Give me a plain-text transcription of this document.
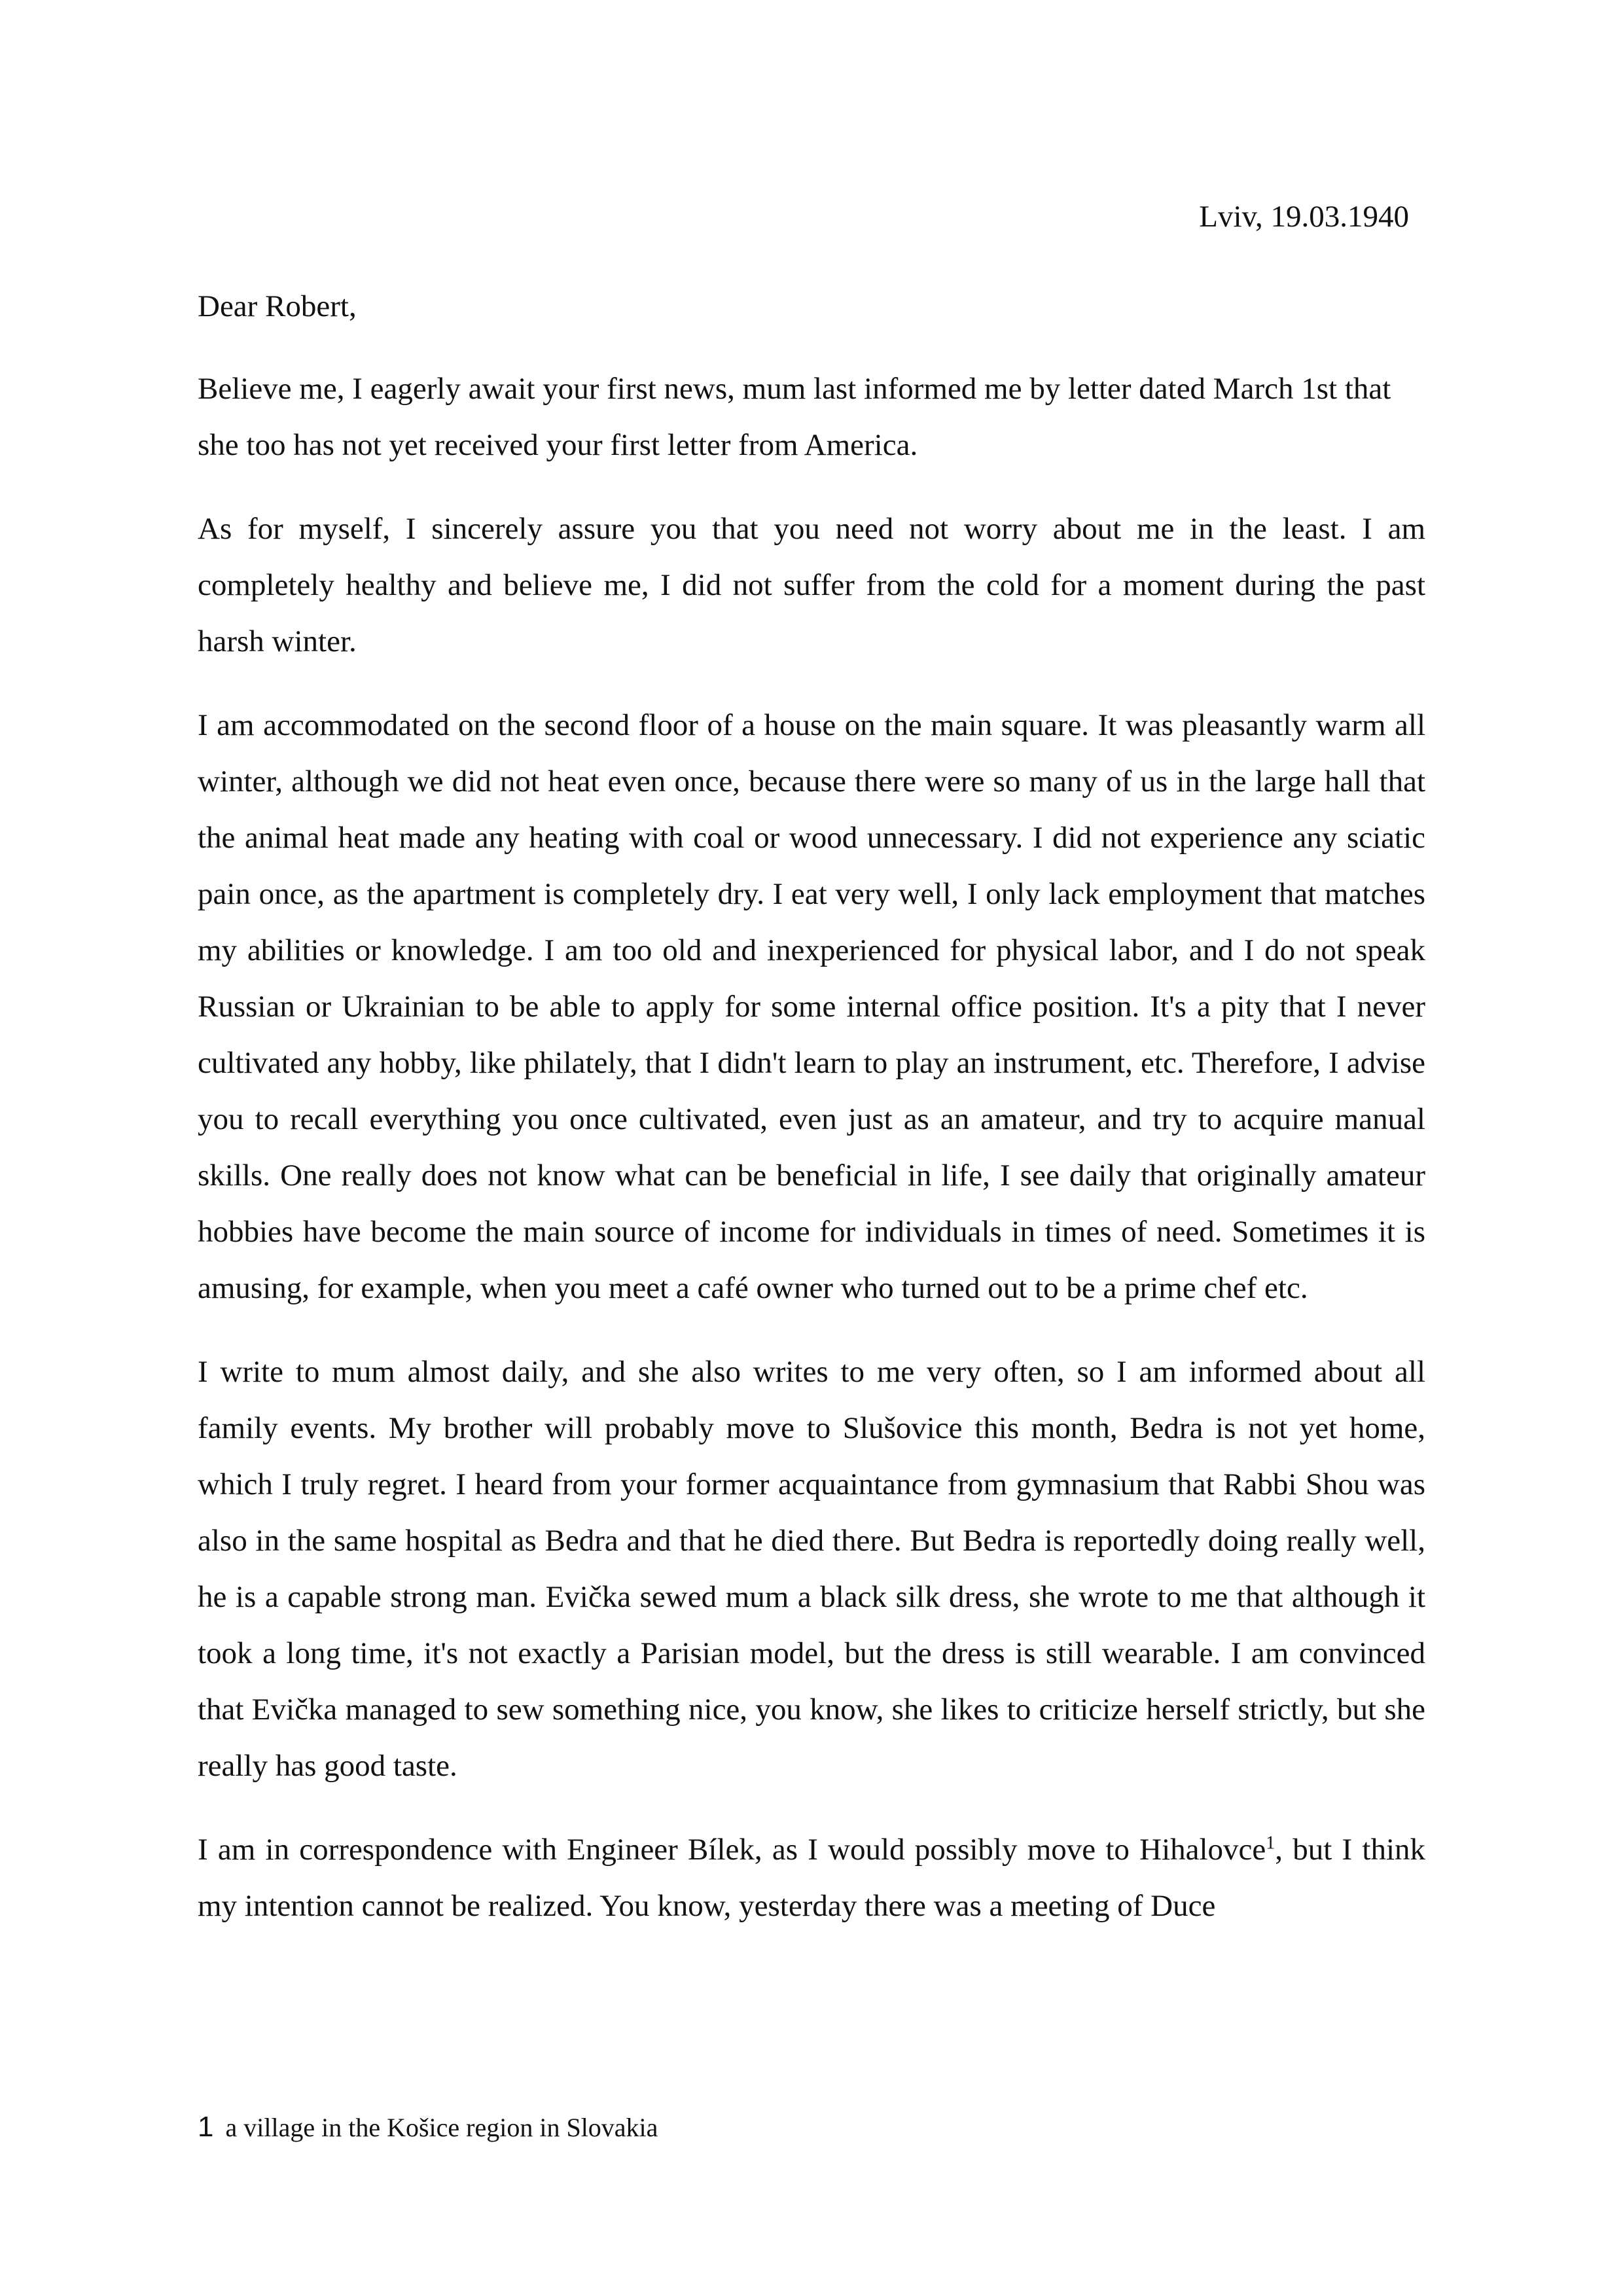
Lviv, 19.03.1940
Dear Robert,

Believe me, I eagerly await your first news, mum last informed me by letter dated March 1st that she too has not yet received your first letter from America.

As for myself, I sincerely assure you that you need not worry about me in the least. I am completely healthy and believe me, I did not suffer from the cold for a moment during the past harsh winter.

I am accommodated on the second floor of a house on the main square. It was pleasantly warm all winter, although we did not heat even once, because there were so many of us in the large hall that the animal heat made any heating with coal or wood unnecessary. I did not experience any sciatic pain once, as the apartment is completely dry. I eat very well, I only lack employment that matches my abilities or knowledge. I am too old and inexperienced for physical labor, and I do not speak Russian or Ukrainian to be able to apply for some internal office position. It's a pity that I never cultivated any hobby, like philately, that I didn't learn to play an instrument, etc. Therefore, I advise you to recall everything you once cultivated, even just as an amateur, and try to acquire manual skills. One really does not know what can be beneficial in life, I see daily that originally amateur hobbies have become the main source of income for individuals in times of need. Sometimes it is amusing, for example, when you meet a café owner who turned out to be a prime chef etc.

I write to mum almost daily, and she also writes to me very often, so I am informed about all family events. My brother will probably move to Slušovice this month, Bedra is not yet home, which I truly regret. I heard from your former acquaintance from gymnasium that Rabbi Shou was also in the same hospital as Bedra and that he died there. But Bedra is reportedly doing really well, he is a capable strong man. Evička sewed mum a black silk dress, she wrote to me that although it took a long time, it's not exactly a Parisian model, but the dress is still wearable. I am convinced that Evička managed to sew something nice, you know, she likes to criticize herself strictly, but she really has good taste.

I am in correspondence with Engineer Bílek, as I would possibly move to Hihalovce$^1$, but I think my intention cannot be realized. You know, yesterday there was a meeting of Duce

1 a village in the Košice region in Slovakia
